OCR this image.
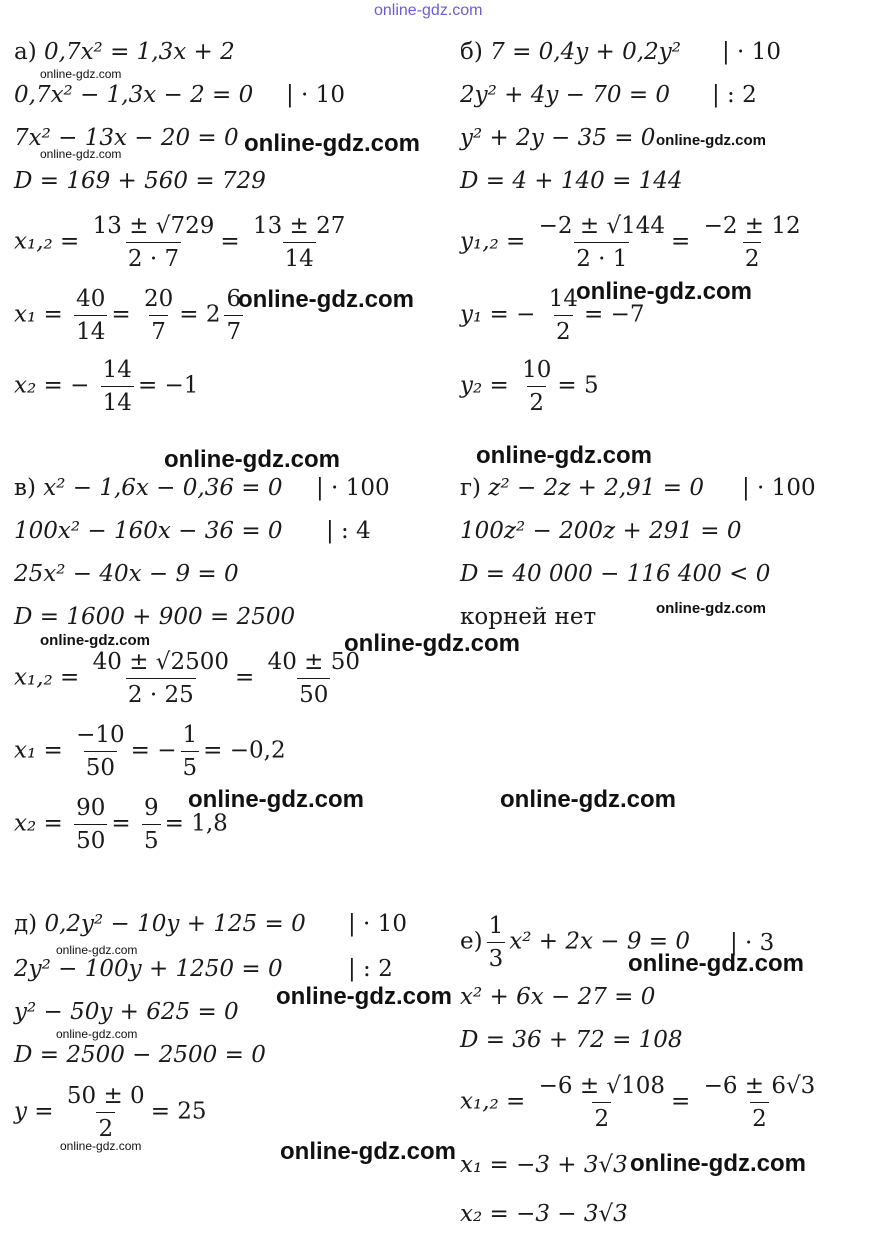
online-gdz.com
а) 0,7x² = 1,3x + 2
0,7x² − 1,3x − 2 = 0 | · 10
7x² − 13x − 20 = 0
D = 169 + 560 = 729
$x_1,_2 = \frac{13 \pm √729}{2 \cdot 7} = \frac{13 \pm 27}{14}$
$x_1 = \frac{40}{14} = \frac{20}{7} = 2 \frac{6}{7}$
x₂ = − $\frac{14}{14} = -1$
б) 7 = 0,4y + 0,2y² | · 10
2y² + 4y − 70 = 0 | : 2
y² + 2y − 35 = 0
D = 4 + 140 = 144
$y_1,_2 = \frac{-2 \pm √144}{2 \cdot 1} = \frac{-2 \pm 12}{2}$
y₁ = − $\frac{14}{2} = -7$
$y_2 = \frac{10}{2} = 5$
в) x² − 1,6x − 0,36 = 0 | · 100
100x² − 160x − 36 = 0 | : 4
25x² − 40x − 9 = 0
D = 1600 + 900 = 2500
$x_1,_2 = \frac{40 \pm √2500}{2 \cdot 25} = \frac{40 \pm 50}{50}$
$x_1 = \frac{-10}{50}$ = − $\frac{1}{5} = -0,2$
$x_2 = \frac{90}{50} = \frac{9}{5} = 1,8$
г) z² − 2z + 2,91 = 0 | · 100
100z² − 200z + 291 = 0
D = 40 000 − 116 400 < 0
корней нет
д) 0,2y² − 10y + 125 = 0 | · 10
2y² − 100y + 1250 = 0	| : 2
y² − 50y + 625 = 0
D = 2500 − 2500 = 0
$y = \frac{50 \pm 0}{2} = 25$
$е) \frac{1}{3} x^2 + 2x - 9 = 0$ | · 3
x² + 6x − 27 = 0
D = 36 + 72 = 108
$x_1,_2 = \frac{-6 \pm √108}{2} = \frac{-6 \pm 6√3}{2}$
x₁ = −3 + 3√3
x₂ = −3 − 3√3
online-gdz.com
online-gdz.com	online-gdz.com	online-gdz.com
online-gdz.com	online-gdz.com
online-gdz.com	online-gdz.com
online-gdz.com
online-gdz.com	online-gdz.com
online-gdz.com	online-gdz.com
online-gdz.com	online-gdz.com
online-gdz.com
online-gdz.com
online-gdz.com	online-gdz.com	online-gdz.com
